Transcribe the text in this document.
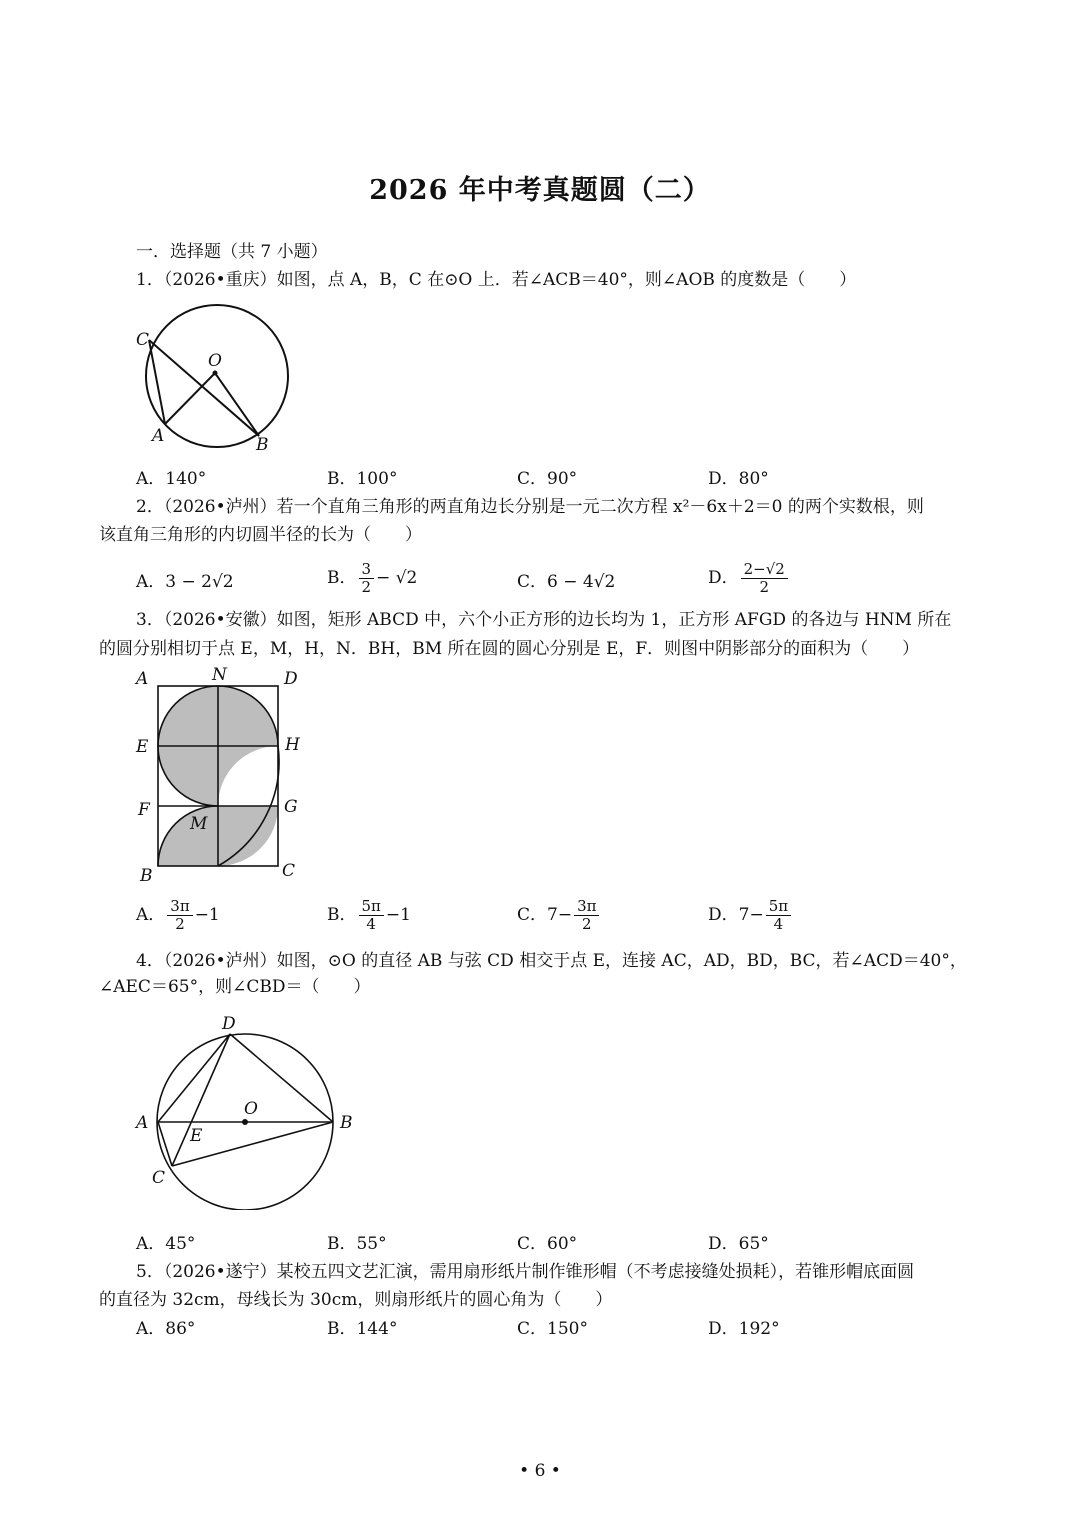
2026 年中考真题圆（二）
一．选择题（共 7 小题）
1．（2026•重庆）如图，点 A，B，C 在⊙O 上．若∠ACB＝40°，则∠AOB 的度数是（　　）
C
O
A	B
A．140°	B．100°	C．90°	D．80°
2．（2026•泸州）若一个直角三角形的两直角边长分别是一元二次方程 x²－6x＋2＝0 的两个实数根，则
该直角三角形的内切圆半径的长为（　　）
A．3 − 2√2	B． $\frac{3}{2} - √2$	C．6 − 4√2	D． $\frac{2-√2}{2}$
3．（2026•安徽）如图，矩形 ABCD 中，六个小正方形的边长均为 1，正方形 AFGD 的各边与 HNM 所在
的圆分别相切于点 E，M，H，N．BH，BM 所在圆的圆心分别是 E，F．则图中阴影部分的面积为（　　）
A	N	D
E	H
F	G
M
B	C
A． $\frac{3\pi}{2} -1$	B． $\frac{5\pi}{4} -1$	C．$7- \frac{3\pi}{2}$	D．$7- \frac{5\pi}{4}$
4．（2026•泸州）如图，⊙O 的直径 AB 与弦 CD 相交于点 E，连接 AC，AD，BD，BC，若∠ACD＝40°，
∠AEC＝65°，则∠CBD＝（　　）
D
O
A
E
B
C
A．45°	B．55°	C．60°	D．65°
5．（2026•遂宁）某校五四文艺汇演，需用扇形纸片制作锥形帽（不考虑接缝处损耗），若锥形帽底面圆
的直径为 32cm，母线长为 30cm，则扇形纸片的圆心角为（　　）
A．86°	B．144°	C．150°	D．192°
• 6 •
